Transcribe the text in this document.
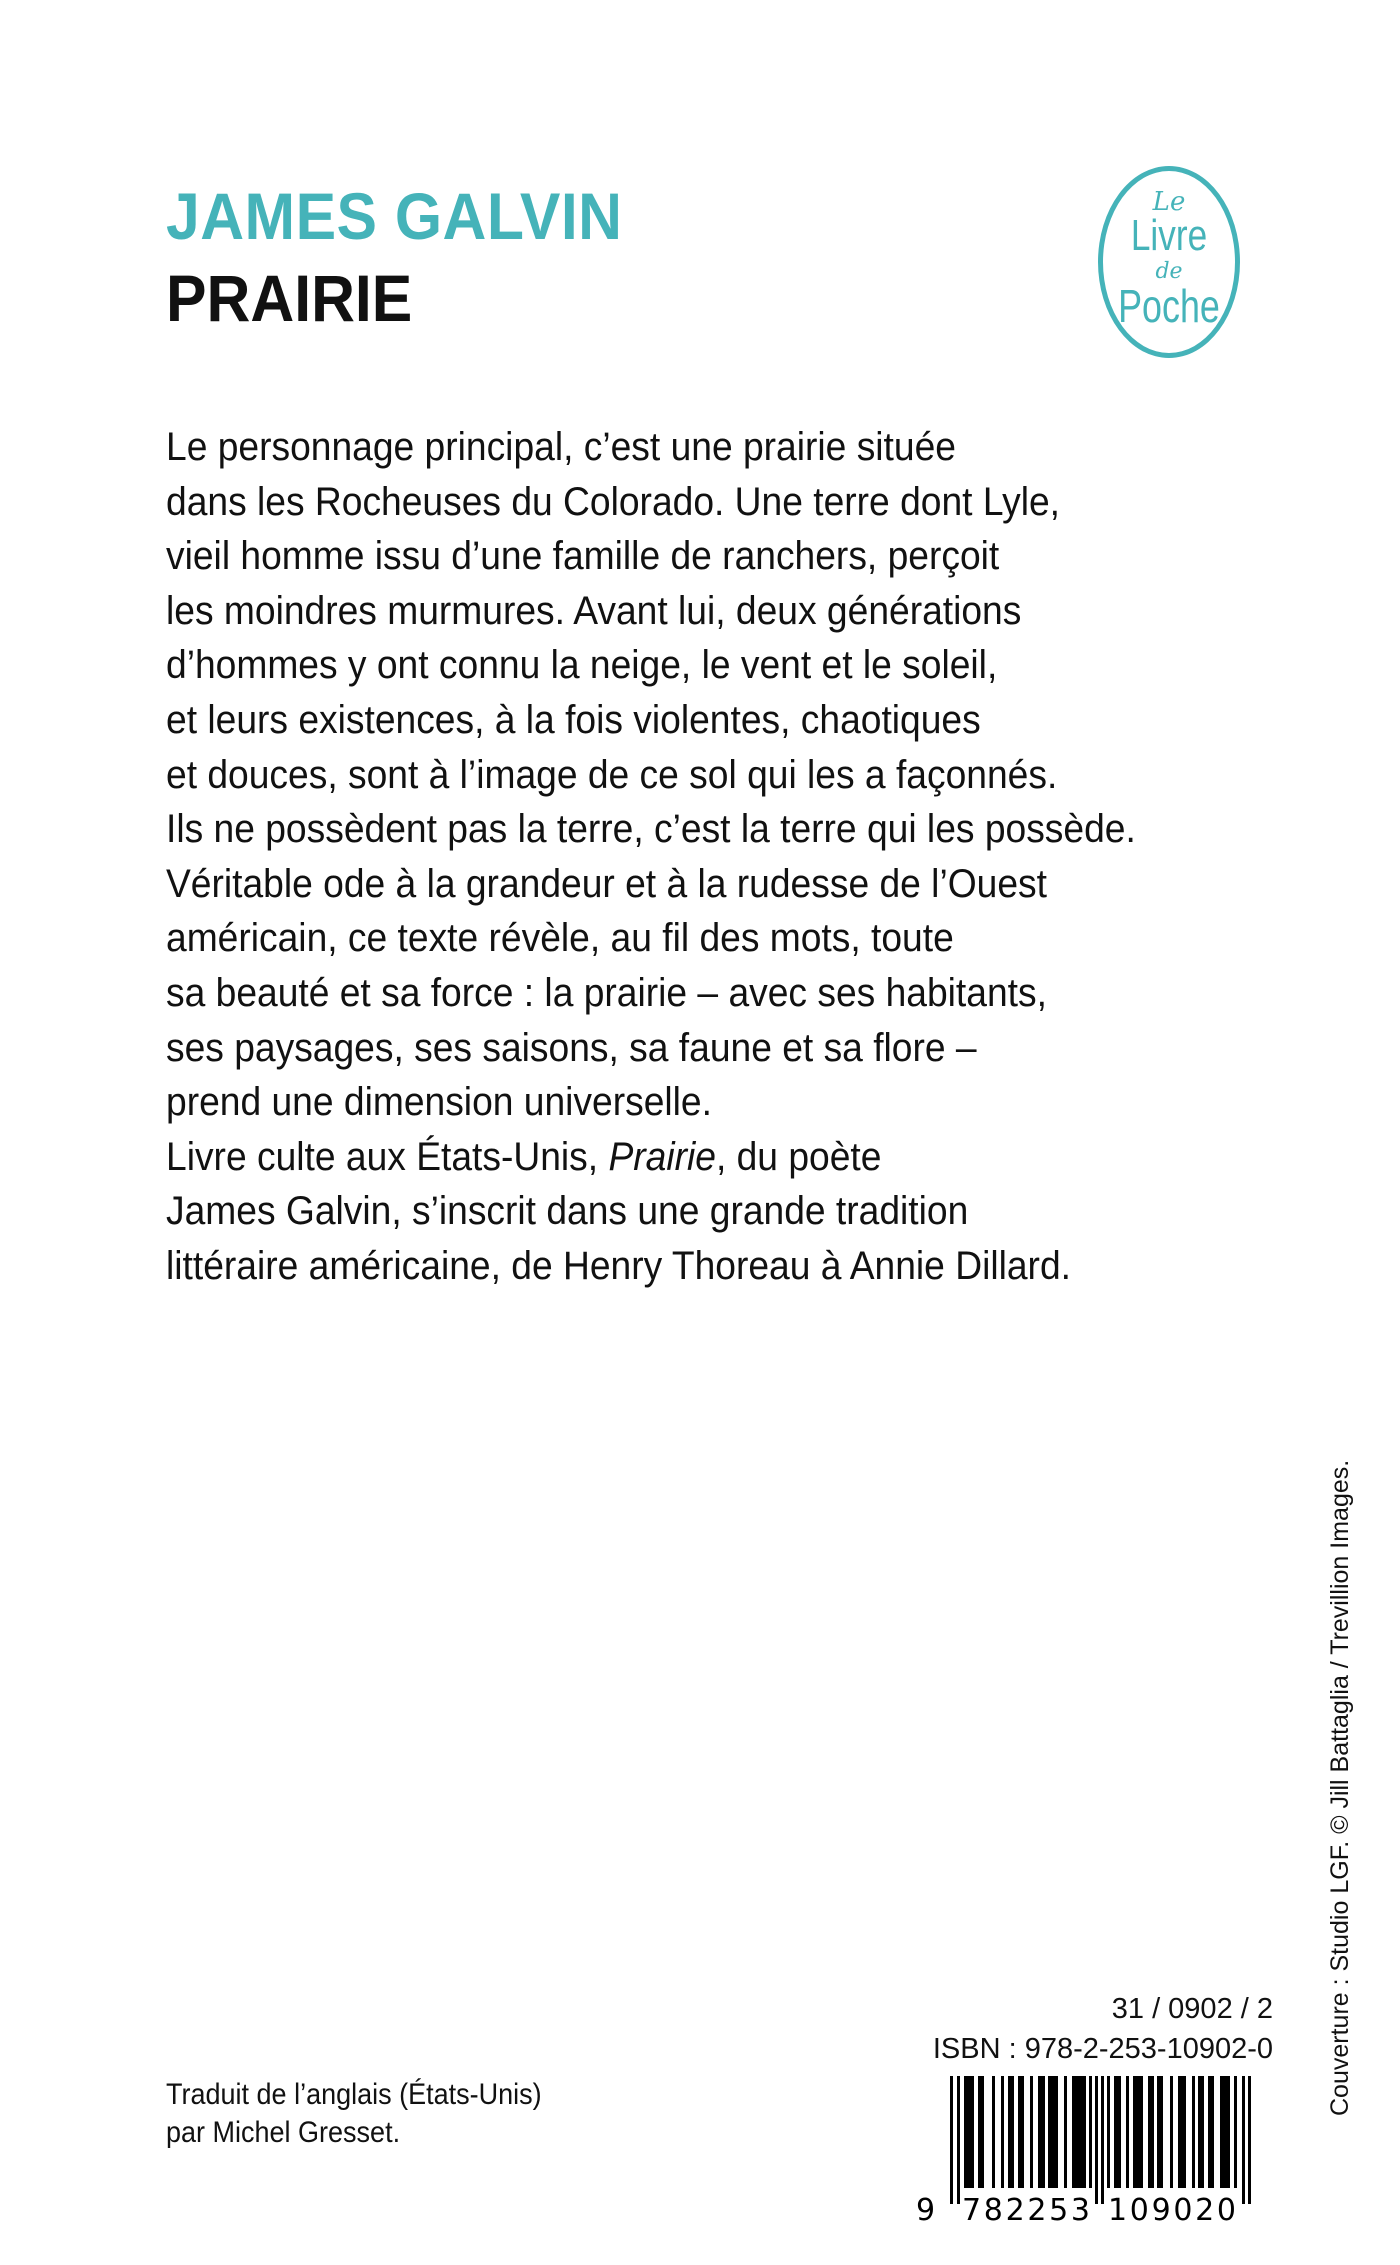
JAMES GALVIN
PRAIRIE
Le
Livre
de
Poche
Le personnage principal, c’est une prairie située
dans les Rocheuses du Colorado. Une terre dont Lyle,
vieil homme issu d’une famille de ranchers, perçoit
les moindres murmures. Avant lui, deux générations
d’hommes y ont connu la neige, le vent et le soleil,
et leurs existences, à la fois violentes, chaotiques
et douces, sont à l’image de ce sol qui les a façonnés.
Ils ne possèdent pas la terre, c’est la terre qui les possède.
Véritable ode à la grandeur et à la rudesse de l’Ouest
américain, ce texte révèle, au fil des mots, toute
sa beauté et sa force : la prairie – avec ses habitants,
ses paysages, ses saisons, sa faune et sa flore –
prend une dimension universelle.
Livre culte aux États-Unis, Prairie, du poète
James Galvin, s’inscrit dans une grande tradition
littéraire américaine, de Henry Thoreau à Annie Dillard.
Traduit de l’anglais (États-Unis)
par Michel Gresset.
31 / 0902 / 2
ISBN : 978-2-253-10902-0
9 782253 109020
Couverture : Studio LGF. © Jill Battaglia / Trevillion Images.
